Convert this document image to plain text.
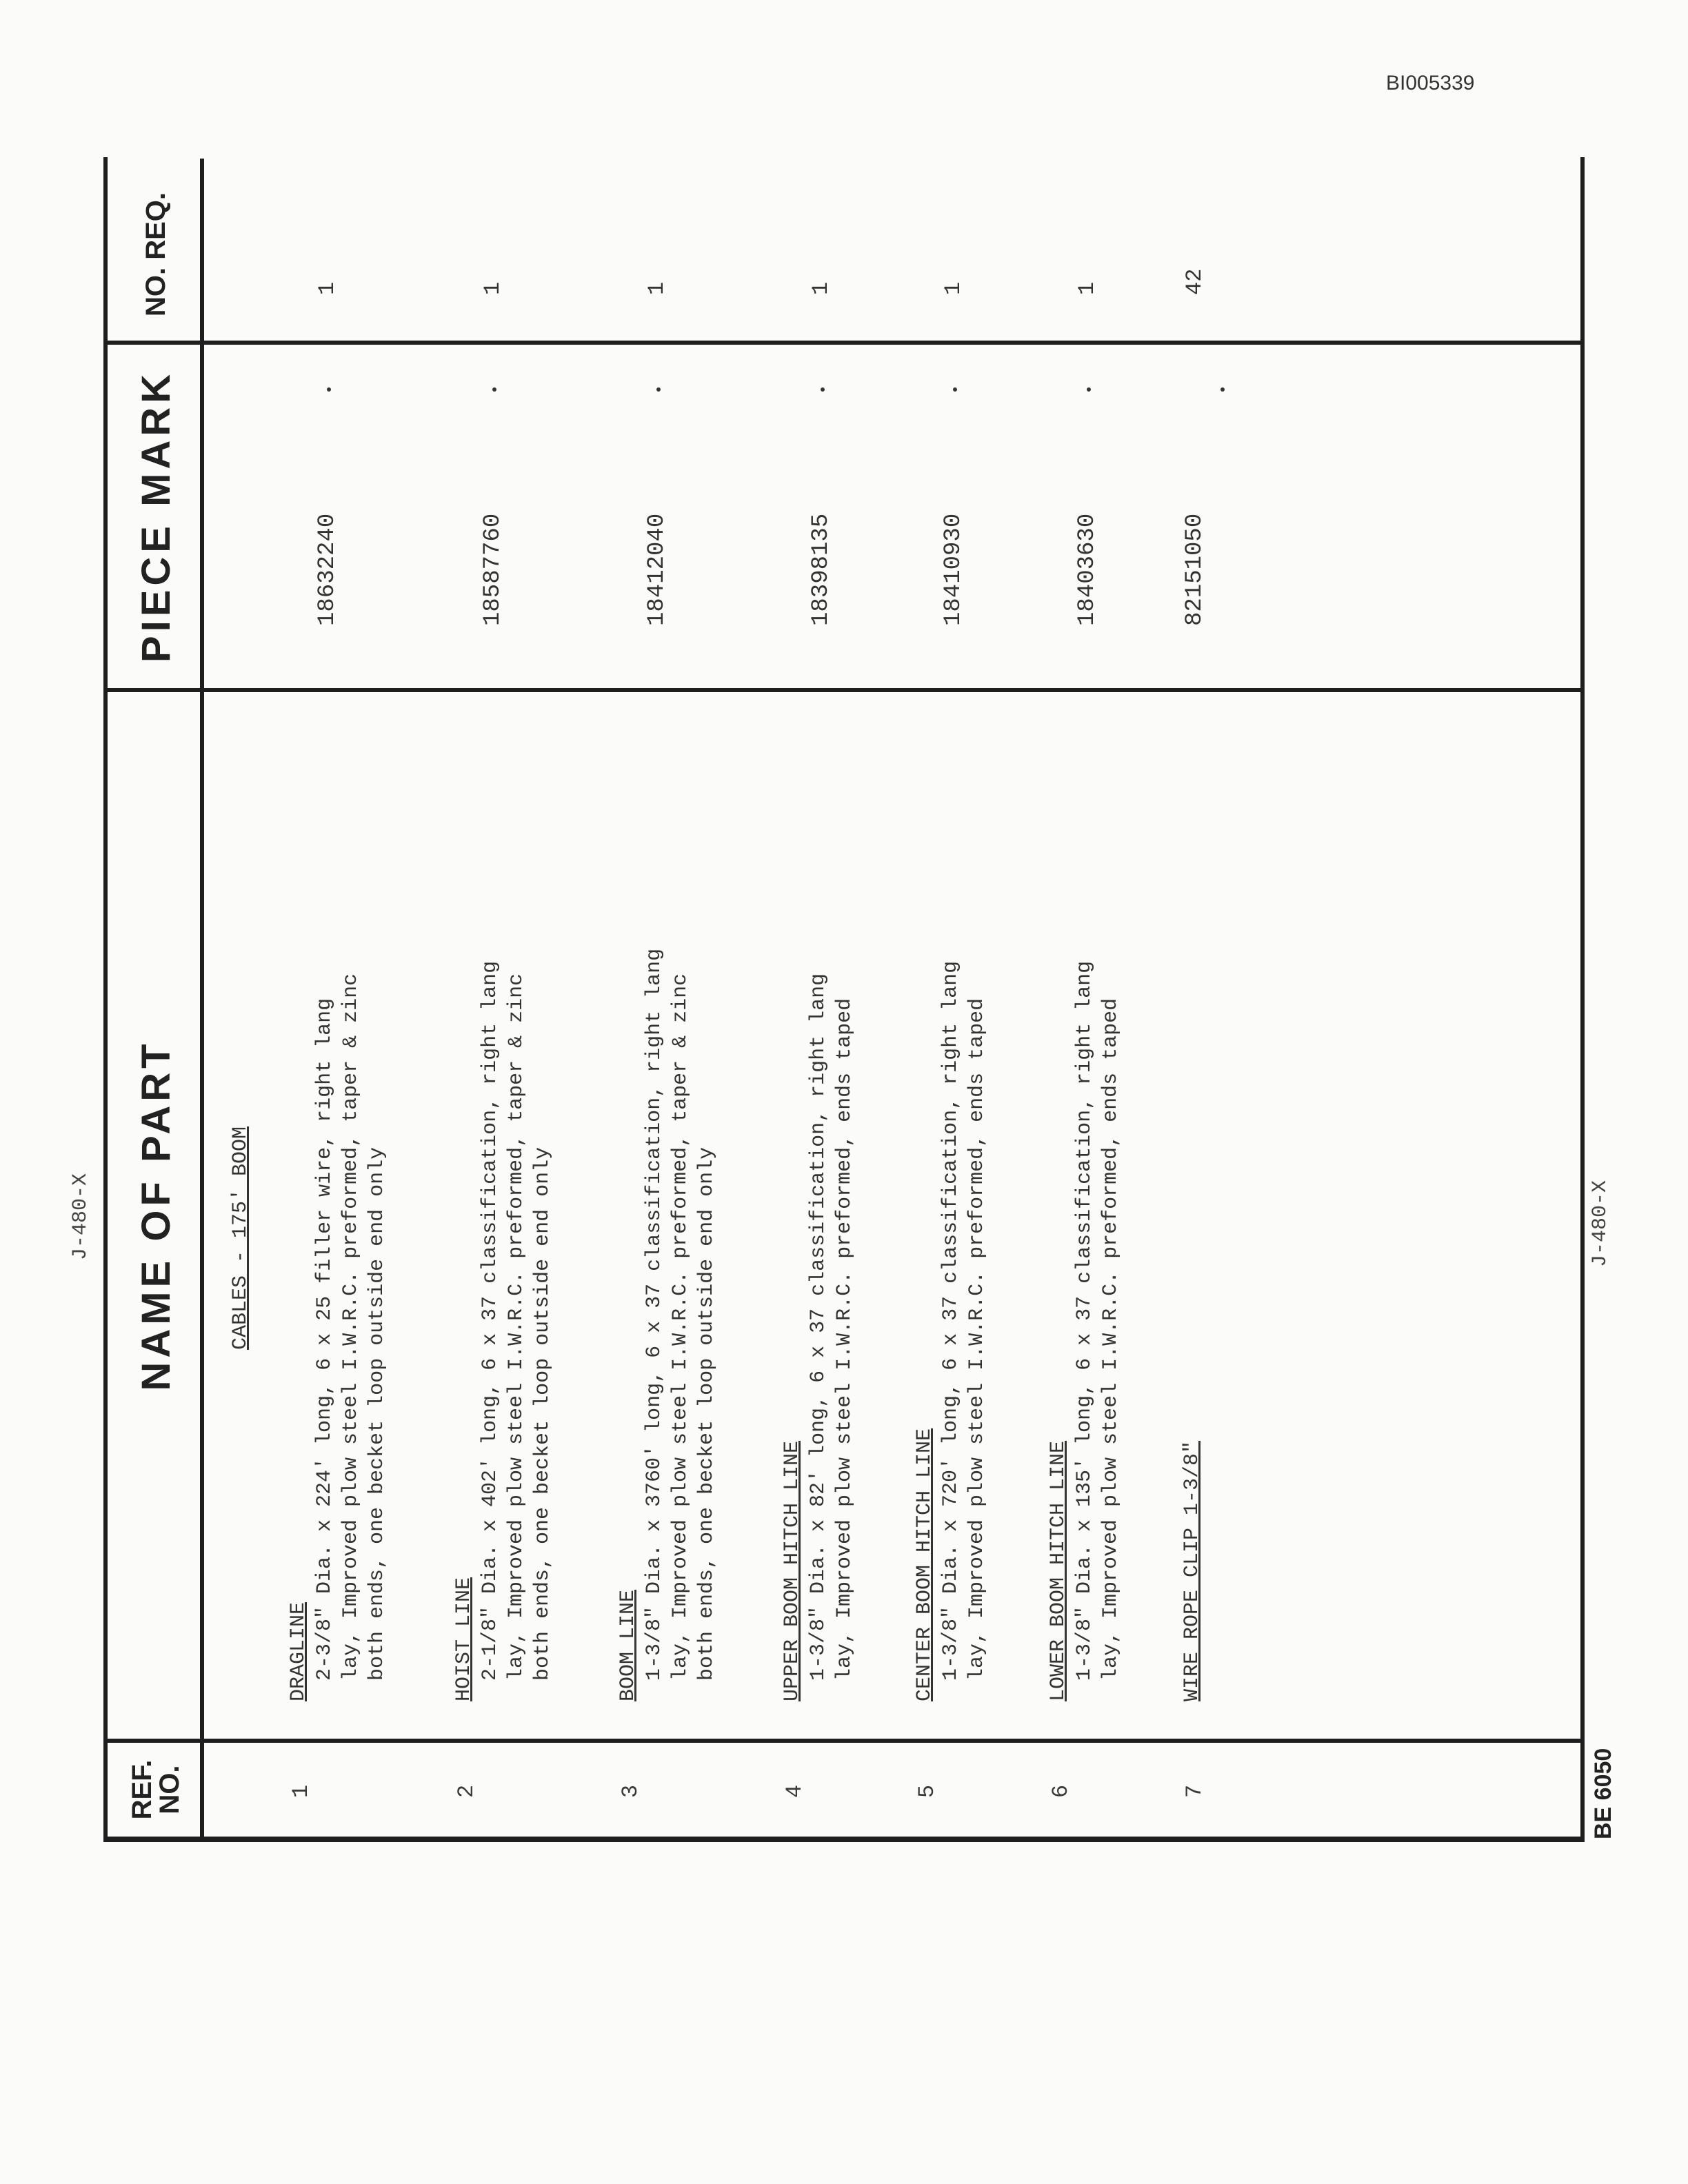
BI005339
REF. NO.
NAME OF PART
PIECE MARK
NO. REQ.
J-480-X	J-480-X
BE 6050
CABLES - 175' BOOM
1
DRAGLINE 2-3/8" Dia. x 224' long, 6 x 25 filler wire, right lang lay, Improved plow steel I.W.R.C. preformed, taper & zinc both ends, one becket loop outside end only
18632240
1
2
HOIST LINE 2-1/8" Dia. x 402' long, 6 x 37 classification, right lang lay, Improved plow steel I.W.R.C. preformed, taper & zinc both ends, one becket loop outside end only
18587760
1
3
BOOM LINE 1-3/8" Dia. x 3760' long, 6 x 37 classification, right lang lay, Improved plow steel I.W.R.C. preformed, taper & zinc both ends, one becket loop outside end only
18412040
1
4
UPPER BOOM HITCH LINE 1-3/8" Dia. x 82' long, 6 x 37 classification, right lang lay, Improved plow steel I.W.R.C. preformed, ends taped
18398135
1
5
CENTER BOOM HITCH LINE 1-3/8" Dia. x 720' long, 6 x 37 classification, right lang lay, Improved plow steel I.W.R.C. preformed, ends taped
18410930
1
6
LOWER BOOM HITCH LINE 1-3/8" Dia. x 135' long, 6 x 37 classification, right lang lay, Improved plow steel I.W.R.C. preformed, ends taped
18403630
1
7
WIRE ROPE CLIP 1-3/8"
82151050
42
